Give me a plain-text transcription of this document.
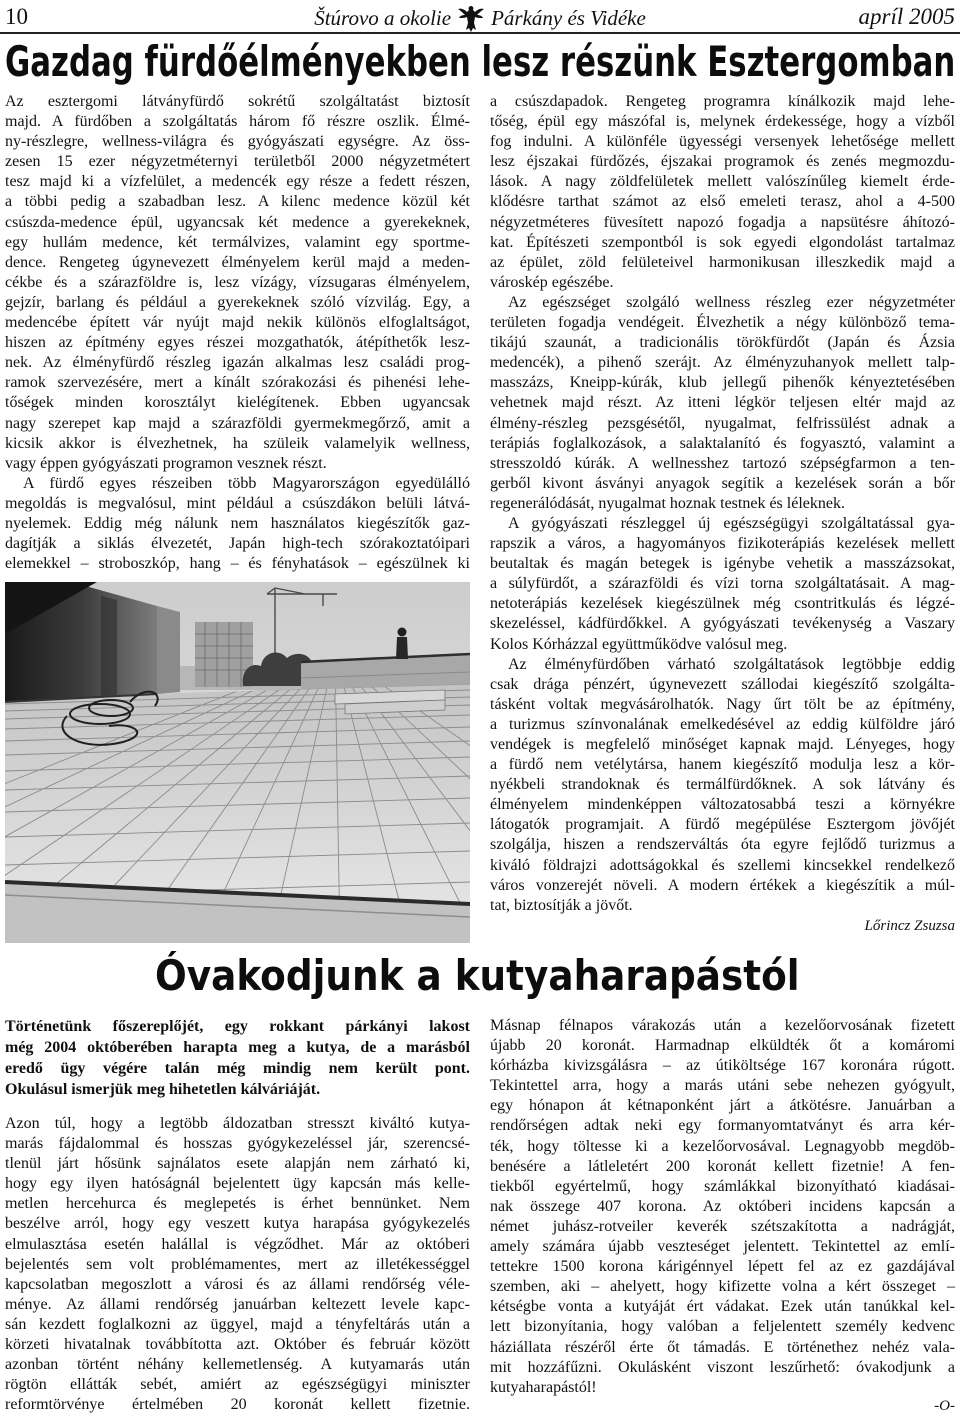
10	Štúrovo a okolie Párkány és Vidéke	apríl 2005
Gazdag fürdőélményekben lesz részünk Esztergomban
Az esztergomi látványfürdő sokrétű szolgáltatást biztosít
majd. A fürdőben a szolgáltatás három fő részre oszlik. Élmé-
ny-részlegre, wellness-világra és gyógyászati egységre. Az öss-
zesen 15 ezer négyzetméternyi területből 2000 négyzetmétert
tesz majd ki a vízfelület, a medencék egy része a fedett részen,
a többi pedig a szabadban lesz. A kilenc medence közül két
csúszda-medence épül, ugyancsak két medence a gyerekeknek,
egy hullám medence, két termálvizes, valamint egy sportme-
dence. Rengeteg úgynevezett élményelem kerül majd a meden-
cékbe és a szárazföldre is, lesz vízágy, vízsugaras élményelem,
gejzír, barlang és például a gyerekeknek szóló vízvilág. Egy, a
medencébe épített vár nyújt majd nekik különös elfoglaltságot,
hiszen az építmény egyes részei mozgathatók, átépíthetők lesz-
nek. Az élményfürdő részleg igazán alkalmas lesz családi prog-
ramok szervezésére, mert a kínált szórakozási és pihenési lehe-
tőségek minden korosztályt kielégítenek. Ebben ugyancsak
nagy szerepet kap majd a szárazföldi gyermekmegőrző, amit a
kicsik akkor is élvezhetnek, ha szüleik valamelyik wellness,
vagy éppen gyógyászati programon vesznek részt.
A fürdő egyes részeiben több Magyarországon egyedülálló
megoldás is megvalósul, mint például a csúszdákon belüli látvá-
nyelemek. Eddig még nálunk nem használatos kiegészítők gaz-
dagítják a siklás élvezetét, Japán high-tech szórakoztatóipari
elemekkel – stroboszkóp, hang – és fényhatások – egészülnek ki
a csúszdapadok. Rengeteg programra kínálkozik majd lehe-
tőség, épül egy mászófal is, melynek érdekessége, hogy a vízből
fog indulni. A különféle ügyességi versenyek lehetősége mellett
lesz éjszakai fürdőzés, éjszakai programok és zenés megmozdu-
lások. A nagy zöldfelületek mellett valószínűleg kiemelt érde-
klődésre tarthat számot az első emeleti terasz, ahol a 4-500
négyzetméteres füvesített napozó fogadja a napsütésre áhítozó-
kat. Építészeti szempontból is sok egyedi elgondolást tartalmaz
az épület, zöld felületeivel harmonikusan illeszkedik majd a
városkép egészébe.
Az egészséget szolgáló wellness részleg ezer négyzetméter
területen fogadja vendégeit. Élvezhetik a négy különböző tema-
tikájú szaunát, a tradicionális törökfürdőt (Japán és Ázsia
medencék), a pihenő szerájt. Az élményzuhanyok mellett talp-
masszázs, Kneipp-kúrák, klub jellegű pihenők kényeztetésében
vehetnek majd részt. Az itteni légkör teljesen eltér majd az
élmény-részleg pezsgésétől, nyugalmat, felfrissülést adnak a
terápiás foglalkozások, a salaktalanító és fogyasztó, valamint a
stresszoldó kúrák. A wellnesshez tartozó szépségfarmon a ten-
gerből kivont ásványi anyagok segítik a kezelések során a bőr
regenerálódását, nyugalmat hoznak testnek és léleknek.
A gyógyászati részleggel új egészségügyi szolgáltatással gya-
rapszik a város, a hagyományos fizikoterápiás kezelések mellett
beutaltak és magán betegek is igénybe vehetik a masszázsokat,
a súlyfürdőt, a szárazföldi és vízi torna szolgáltatásait. A mag-
netoterápiás kezelések kiegészülnek még csontritkulás és légzé-
skezeléssel, kádfürdőkkel. A gyógyászati tevékenység a Vaszary
Kolos Kórházzal együttműködve valósul meg.
Az élményfürdőben várható szolgáltatások legtöbbje eddig
csak drága pénzért, úgynevezett szállodai kiegészítő szolgálta-
tásként voltak megvásárolhatók. Nagy űrt tölt be az építmény,
a turizmus színvonalának emelkedésével az eddig külföldre járó
vendégek is megfelelő minőséget kapnak majd. Lényeges, hogy
a fürdő nem vetélytársa, hanem kiegészítő modulja lesz a kör-
nyékbeli strandoknak és termálfürdőknek. A sok látvány és
élményelem mindenképpen változatosabbá teszi a környékre
látogatók programjait. A fürdő megépülése Esztergom jövőjét
szolgálja, hiszen a rendszerváltás óta egyre fejlődő turizmus a
kiváló földrajzi adottságokkal és szellemi kincsekkel rendelkező
város vonzerejét növeli. A modern értékek a kiegészítik a múl-
tat, biztosítják a jövőt.
Lőrincz Zsuzsa
Óvakodjunk a kutyaharapástól
Történetünk főszereplőjét, egy rokkant párkányi lakost
még 2004 októberében harapta meg a kutya, de a marásból
eredő ügy végére talán még mindig nem került pont.
Okulásul ismerjük meg hihetetlen kálváriáját.
Azon túl, hogy a legtöbb áldozatban stresszt kiváltó kutya-
marás fájdalommal és hosszas gyógykezeléssel jár, szerencsé-
tlenül járt hősünk sajnálatos esete alapján nem zárható ki,
hogy egy ilyen hatóságnál bejelentett ügy kapcsán más kelle-
metlen hercehurca és meglepetés is érhet bennünket. Nem
beszélve arról, hogy egy veszett kutya harapása gyógykezelés
elmulasztása esetén halállal is végződhet. Már az októberi
bejelentés sem volt problémamentes, mert az illetékességgel
kapcsolatban megoszlott a városi és az állami rendőrség véle-
ménye. Az állami rendőrség januárban keltezett levele kapc-
sán kezdett foglalkozni az üggyel, majd a tényfeltárás után a
körzeti hivatalnak továbbította azt. Október és február között
azonban történt néhány kellemetlenség. A kutyamarás után
rögtön ellátták sebét, amiért az egészségügyi miniszter
reformtörvénye értelmében 20 koronát kellett fizetnie.
Másnap félnapos várakozás után a kezelőorvosának fizetett
újabb 20 koronát. Harmadnap elküldték őt a komáromi
kórházba kivizsgálásra – az útiköltsége 167 koronára rúgott.
Tekintettel arra, hogy a marás utáni sebe nehezen gyógyult,
egy hónapon át kétnaponként járt a átkötésre. Januárban a
rendőrségen adtak neki egy formanyomtatványt és arra kér-
ték, hogy töltesse ki a kezelőorvosával. Legnagyobb megdöb-
benésére a látleletért 200 koronát kellett fizetnie! A fen-
tiekből egyértelmű, hogy számlákkal bizonyítható kiadásai-
nak összege 407 korona. Az októberi incidens kapcsán a
német juhász-rotveiler keverék szétszakította a nadrágját,
amely számára újabb veszteséget jelentett. Tekintettel az emlí-
tettekre 1500 korona kárigénnyel lépett fel az ez gazdájával
szemben, aki – ahelyett, hogy kifizette volna a kért összeget –
kétségbe vonta a kutyáját ért vádakat. Ezek után tanúkkal kel-
lett bizonyítania, hogy valóban a feljelentett személy kedvenc
háziállata részéről érte őt támadás. E történethez nehéz vala-
mit hozzáfűzni. Okulásként viszont leszűrhető: óvakodjunk a
kutyaharapástól!
-O-
